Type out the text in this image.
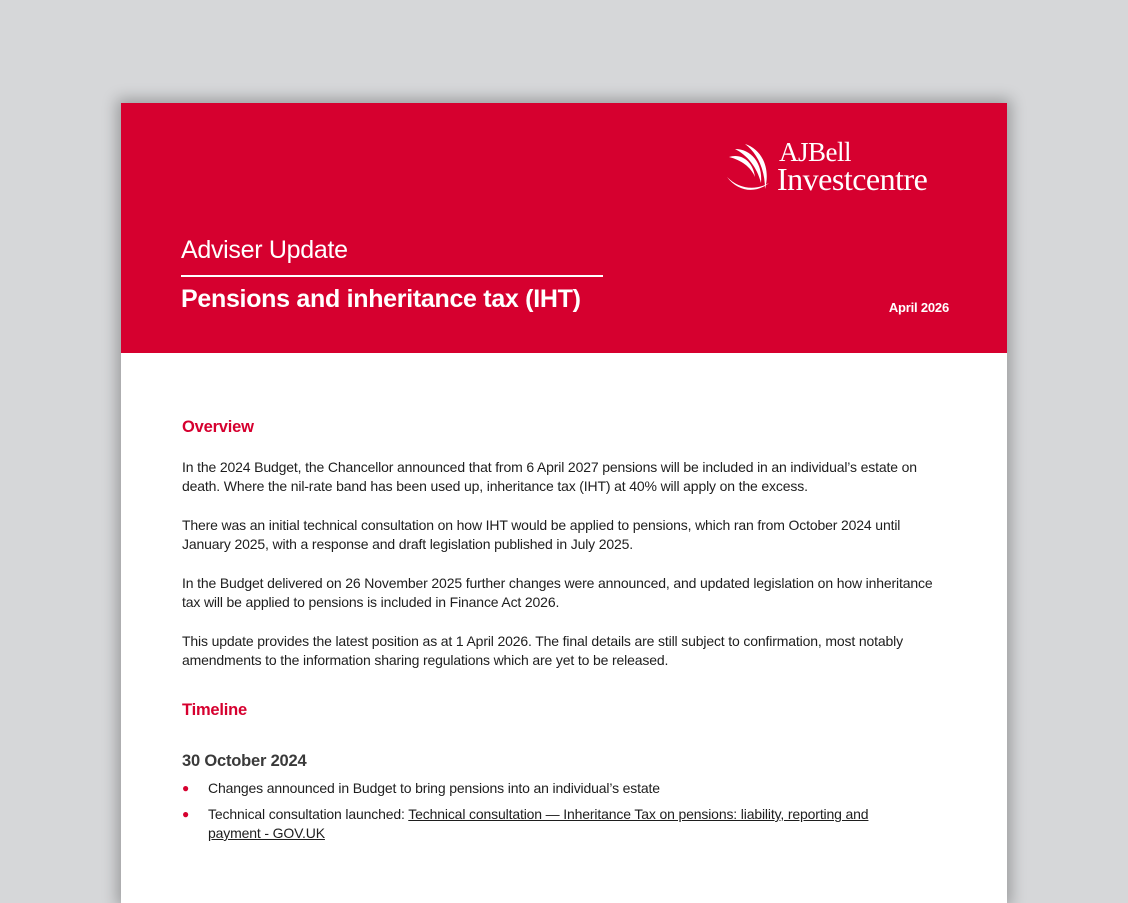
AJBell
Investcentre
Adviser Update
Pensions and inheritance tax (IHT)	April 2026
Overview

In the 2024 Budget, the Chancellor announced that from 6 April 2027 pensions will be included in an individual’s estate on death. Where the nil-rate band has been used up, inheritance tax (IHT) at 40% will apply on the excess.

There was an initial technical consultation on how IHT would be applied to pensions, which ran from October 2024 until January 2025, with a response and draft legislation published in July 2025.

In the Budget delivered on 26 November 2025 further changes were announced, and updated legislation on how inheritance tax will be applied to pensions is included in Finance Act 2026.

This update provides the latest position as at 1 April 2026. The final details are still subject to confirmation, most notably amendments to the information sharing regulations which are yet to be released.

Timeline
30 October 2024
● Changes announced in Budget to bring pensions into an individual’s estate
● Technical consultation launched: Technical consultation — Inheritance Tax on pensions: liability, reporting and payment - GOV.UK
